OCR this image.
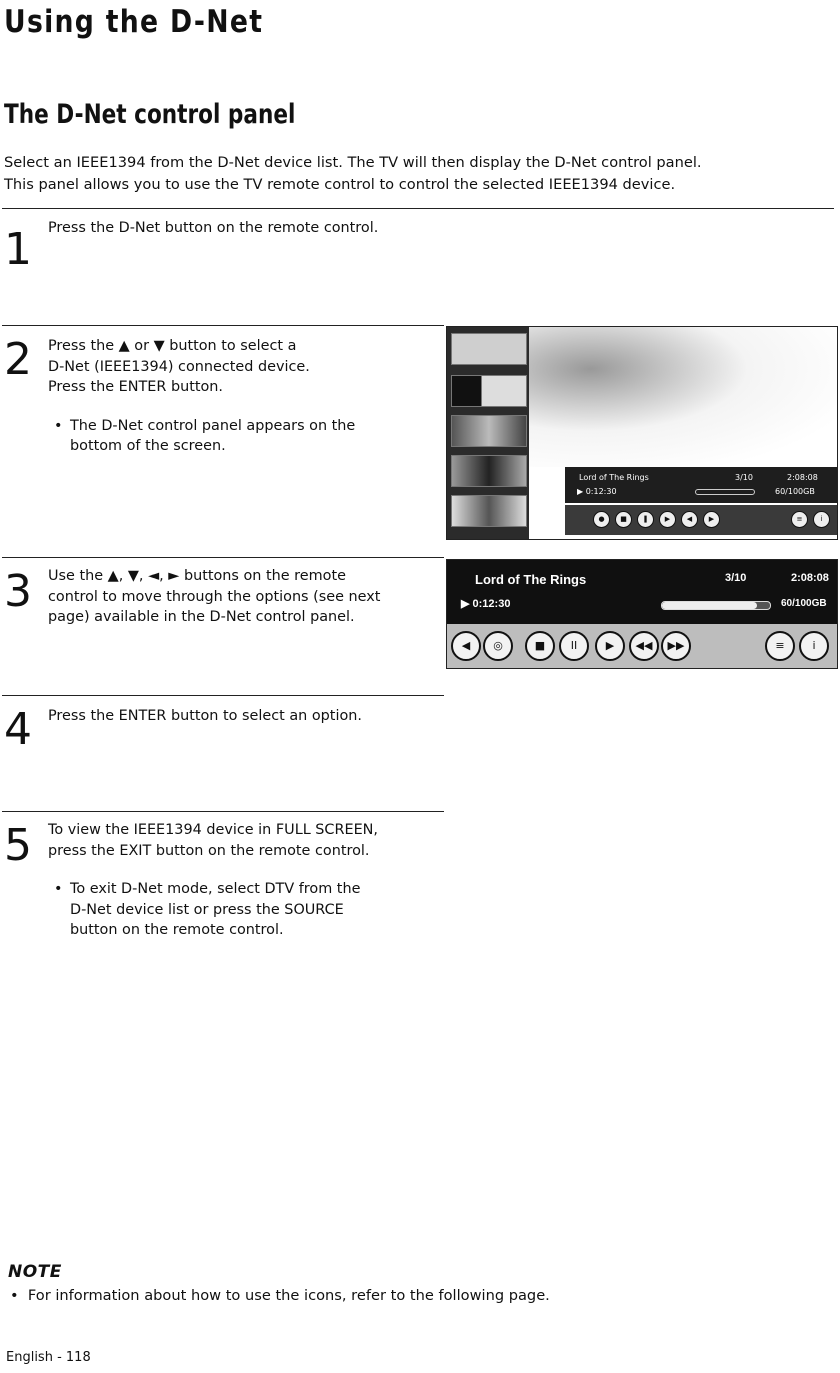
Using the D-Net
The D-Net control panel
Select an IEEE1394 from the D-Net device list. The TV will then display the D-Net control panel.
This panel allows you to use the TV remote control to control the selected IEEE1394 device.
1 Press the D-Net button on the remote control.
2 Press the ▲ or ▼ button to select a
D-Net (IEEE1394) connected device.
Press the ENTER button.
• The D-Net control panel appears on the
bottom of the screen.
Lord of The Rings
▶ 0:12:30
3/10	2:08:08
60/100GB
●	■	❚	▶	◀	▶	≡	i
3 Use the ▲, ▼, ◄, ► buttons on the remote
control to move through the options (see next
page) available in the D-Net control panel.
Lord of The Rings	3/10	2:08:08
▶ 0:12:30	60/100GB
◀	◎	■	II	▶	◀◀	▶▶	≡	i
4 Press the ENTER button to select an option.
5 To view the IEEE1394 device in FULL SCREEN,
press the EXIT button on the remote control.
• To exit D-Net mode, select DTV from the
D-Net device list or press the SOURCE
button on the remote control.
NOTE
•  For information about how to use the icons, refer to the following page.
English - 118
